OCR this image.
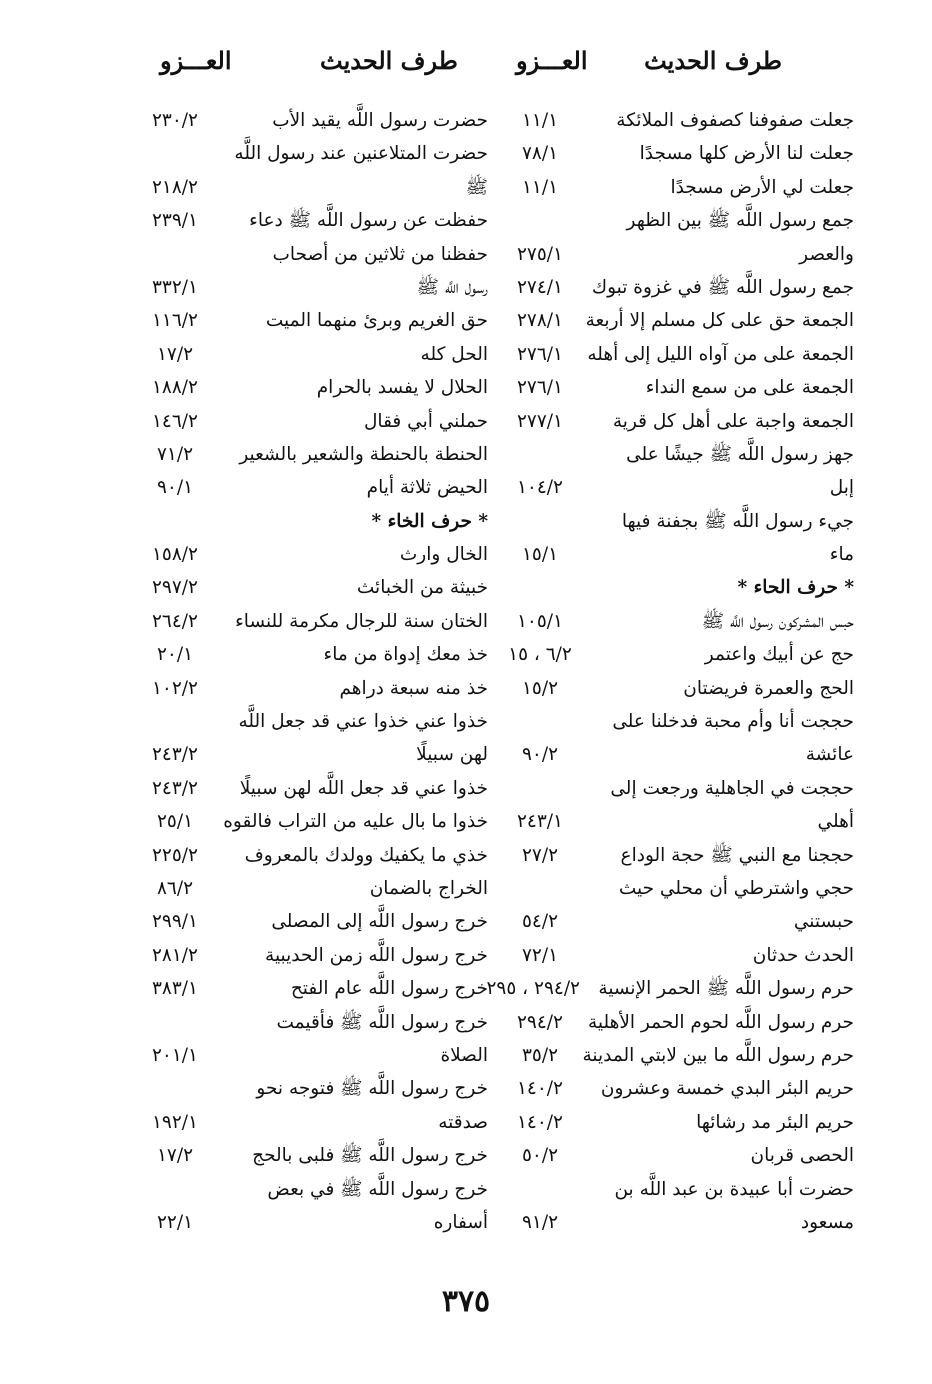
طرف الحديث
العـــزو
طرف الحديث
العـــزو
جعلت صفوفنا كصفوف الملائكة
١١/١
جعلت لنا الأرض كلها مسجدًا
٧٨/١
جعلت لي الأرض مسجدًا
١١/١
جمع رسول اللَّه ﷺ بين الظهر
والعصر
٢٧٥/١
جمع رسول اللَّه ﷺ في غزوة تبوك
٢٧٤/١
الجمعة حق على كل مسلم إلا أربعة
٢٧٨/١
الجمعة على من آواه الليل إلى أهله
٢٧٦/١
الجمعة على من سمع النداء
٢٧٦/١
الجمعة واجبة على أهل كل قرية
٢٧٧/١
جهز رسول اللَّه ﷺ جيشًا على
إبل
١٠٤/٢
جيء رسول اللَّه ﷺ بجفنة فيها
ماء
١٥/١
* حرف الحاء *
حبس المشركون رسول اللَّه ﷺ
١٠٥/١
حج عن أبيك واعتمر
٦/٢ ، ١٥
الحج والعمرة فريضتان
١٥/٢
حججت أنا وأم محبة فدخلنا على
عائشة
٩٠/٢
حججت في الجاهلية ورجعت إلى
أهلي
٢٤٣/١
حججنا مع النبي ﷺ حجة الوداع
٢٧/٢
حجي واشترطي أن محلي حيث
حبستني
٥٤/٢
الحدث حدثان
٧٢/١
حرم رسول اللَّه ﷺ الحمر الإنسية
٢٩٤/٢ ، ٢٩٥
حرم رسول اللَّه لحوم الحمر الأهلية
٢٩٤/٢
حرم رسول اللَّه ما بين لابتي المدينة
٣٥/٢
حريم البئر البدي خمسة وعشرون
١٤٠/٢
حريم البئر مد رشائها
١٤٠/٢
الحصى قربان
٥٠/٢
حضرت أبا عبيدة بن عبد اللَّه بن
مسعود
٩١/٢
حضرت رسول اللَّه يقيد الأب
٢٣٠/٢
حضرت المتلاعنين عند رسول اللَّه
ﷺ
٢١٨/٢
حفظت عن رسول اللَّه ﷺ دعاء
٢٣٩/١
حفظنا من ثلاثين من أصحاب
رسول اللَّه ﷺ
٣٣٢/١
حق الغريم وبرئ منهما الميت
١١٦/٢
الحل كله
١٧/٢
الحلال لا يفسد بالحرام
١٨٨/٢
حملني أبي فقال
١٤٦/٢
الحنطة بالحنطة والشعير بالشعير
٧١/٢
الحيض ثلاثة أيام
٩٠/١
* حرف الخاء *
الخال وارث
١٥٨/٢
خبيثة من الخبائث
٢٩٧/٢
الختان سنة للرجال مكرمة للنساء
٢٦٤/٢
خذ معك إدواة من ماء
٢٠/١
خذ منه سبعة دراهم
١٠٢/٢
خذوا عني خذوا عني قد جعل اللَّه
لهن سبيلًا
٢٤٣/٢
خذوا عني قد جعل اللَّه لهن سبيلًا
٢٤٣/٢
خذوا ما بال عليه من التراب فالقوه
٢٥/١
خذي ما يكفيك وولدك بالمعروف
٢٢٥/٢
الخراج بالضمان
٨٦/٢
خرج رسول اللَّه إلى المصلى
٢٩٩/١
خرج رسول اللَّه زمن الحديبية
٢٨١/٢
خرج رسول اللَّه عام الفتح
٣٨٣/١
خرج رسول اللَّه ﷺ فأقيمت
الصلاة
٢٠١/١
خرج رسول اللَّه ﷺ فتوجه نحو
صدقته
١٩٢/١
خرج رسول اللَّه ﷺ فلبى بالحج
١٧/٢
خرج رسول اللَّه ﷺ في بعض
أسفاره
٢٢/١
٣٧٥
